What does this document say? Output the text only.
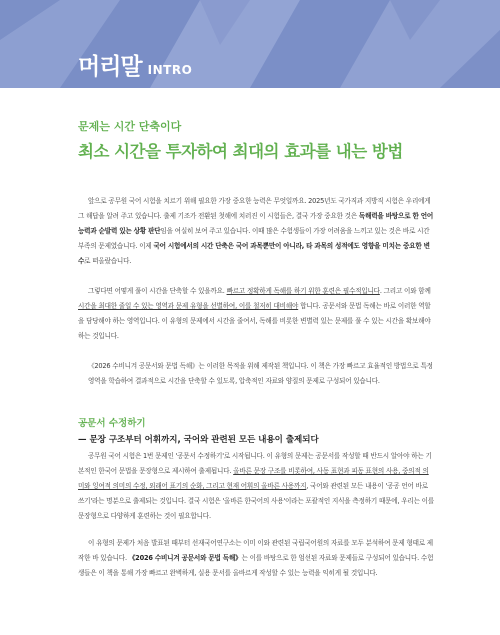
머리말 INTRO
문제는 시간 단축이다
최소 시간을 투자하여 최대의 효과를 내는 방법

앞으로 공무원 국어 시험을 치르기 위해 필요한 가장 중요한 능력은 무엇일까요. 2025년도 국가직과 지방직 시험은 우리에게 그 해답을 알려 주고 있습니다. 출제 기조가 전환된 첫해에 치러진 이 시험들은, 결국 가장 중요한 것은 독해력을 바탕으로 한 언어 능력과 순발력 있는 상황 판단임을 여실히 보여 주고 있습니다. 이때 많은 수험생들이 가장 어려움을 느끼고 있는 것은 바로 시간 부족의 문제였습니다. 이제 국어 시험에서의 시간 단축은 국어 과목뿐만이 아니라, 타 과목의 성적에도 영향을 미치는 중요한 변수로 떠올랐습니다.

그렇다면 어떻게 풀이 시간을 단축할 수 있을까요. 빠르고 정확하게 독해를 하기 위한 훈련은 필수적입니다. 그리고 이와 함께 시간을 최대한 줄일 수 있는 영역과 문제 유형을 선별하여, 이를 철저히 대비해야 합니다. 공문서와 문법 독해는 바로 이러한 역할을 담당해야 하는 영역입니다. 이 유형의 문제에서 시간을 줄여서, 독해를 비롯한 변별력 있는 문제를 풀 수 있는 시간을 확보해야 하는 것입니다.

《2026 수비니겨 공문서와 문법 독해》는 이러한 목적을 위해 제작된 책입니다. 이 책은 가장 빠르고 효율적인 방법으로 특정 영역을 학습하여 결과적으로 시간을 단축할 수 있도록, 압축적인 자료와 양질의 문제로 구성되어 있습니다.

공문서 수정하기
— 문장 구조부터 어휘까지, 국어와 관련된 모든 내용이 출제되다

공무원 국어 시험은 1번 문제인 '공문서 수정하기'로 시작됩니다. 이 유형의 문제는 공문서를 작성할 때 반드시 알아야 하는 기본적인 한국어 문법을 문장형으로 제시하여 출제됩니다. 올바른 문장 구조를 비롯하여, 사동 표현과 피동 표현의 사용, 중의적 의미와 잉여적 의미의 수정, 외래어 표기의 순화, 그리고 현재 어휘의 올바른 사용까지, 국어와 관련된 모든 내용이 '공공 언어 바로 쓰기'라는 명분으로 출제되는 것입니다. 결국 시험은 '올바른 한국어의 사용'이라는 포괄적인 지식을 측정하기 때문에, 우리는 이를 문장형으로 다양하게 훈련하는 것이 필요합니다.

이 유형의 문제가 처음 발표된 때부터 선재국어연구소는 이미 이와 관련된 국립국어원의 자료를 모두 분석하여 문제 형태로 제작한 바 있습니다. 《2026 수비니겨 공문서와 문법 독해》는 이를 바탕으로 한 엄선된 자료와 문제들로 구성되어 있습니다. 수험생들은 이 책을 통해 가장 빠르고 완벽하게, 실용 문서를 올바르게 작성할 수 있는 능력을 익히게 될 것입니다.
